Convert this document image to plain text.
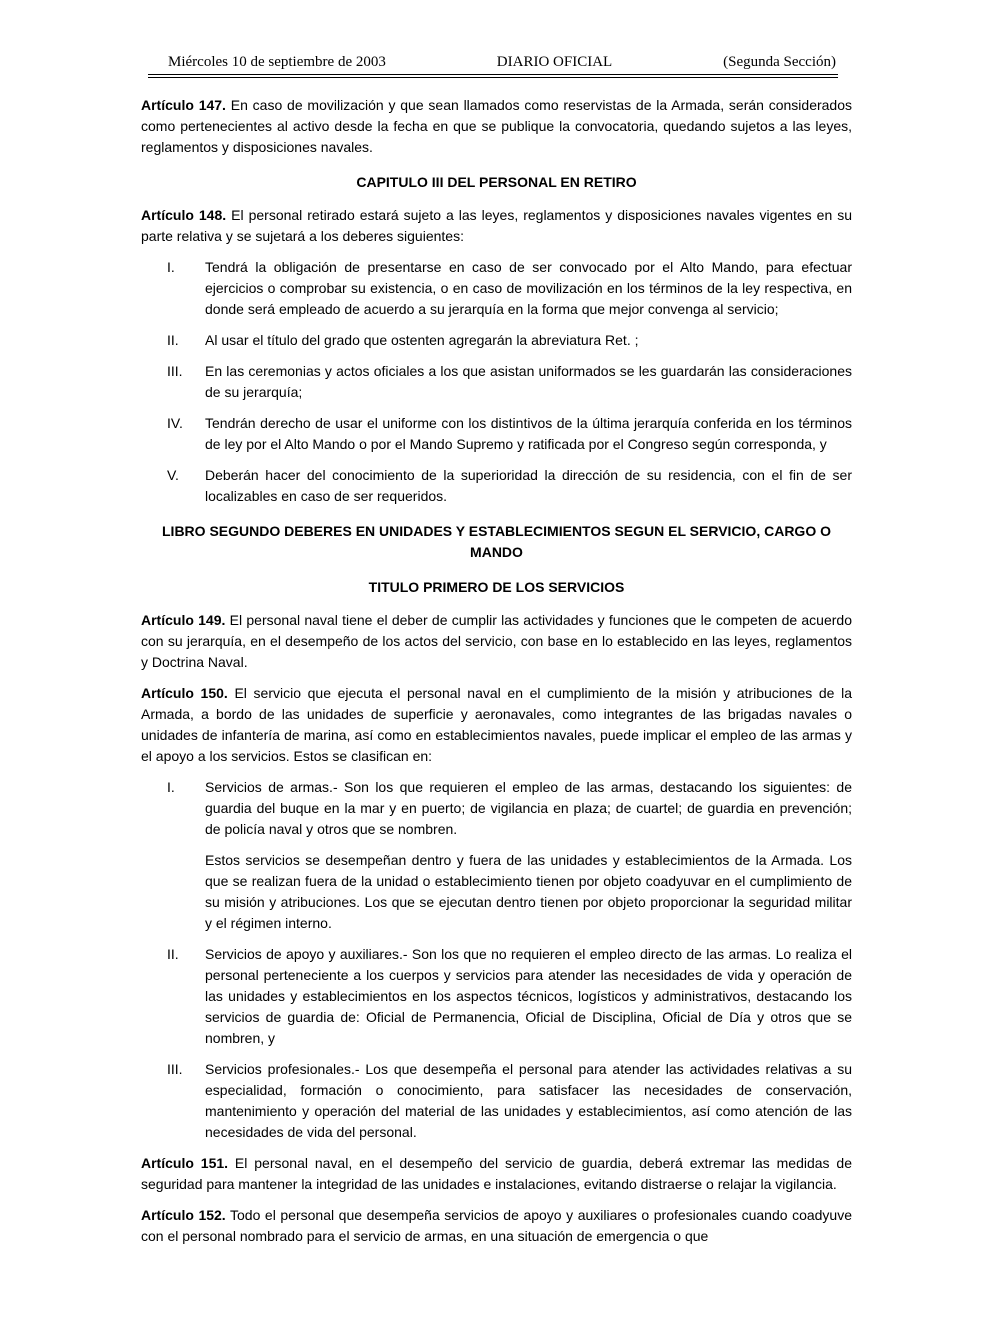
Miércoles 10 de septiembre de 2003	DIARIO OFICIAL	(Segunda Sección)

Artículo 147. En caso de movilización y que sean llamados como reservistas de la Armada, serán considerados como pertenecientes al activo desde la fecha en que se publique la convocatoria, quedando sujetos a las leyes, reglamentos y disposiciones navales.

CAPITULO III DEL PERSONAL EN RETIRO

Artículo 148. El personal retirado estará sujeto a las leyes, reglamentos y disposiciones navales vigentes en su parte relativa y se sujetará a los deberes siguientes:

I.	Tendrá la obligación de presentarse en caso de ser convocado por el Alto Mando, para efectuar ejercicios o comprobar su existencia, o en caso de movilización en los términos de la ley respectiva, en donde será empleado de acuerdo a su jerarquía en la forma que mejor convenga al servicio;
II.	Al usar el título del grado que ostenten agregarán la abreviatura Ret. ;
III.	En las ceremonias y actos oficiales a los que asistan uniformados se les guardarán las consideraciones de su jerarquía;
IV.	Tendrán derecho de usar el uniforme con los distintivos de la última jerarquía conferida en los términos de ley por el Alto Mando o por el Mando Supremo y ratificada por el Congreso según corresponda, y
V.	Deberán hacer del conocimiento de la superioridad la dirección de su residencia, con el fin de ser localizables en caso de ser requeridos.
LIBRO SEGUNDO DEBERES EN UNIDADES Y ESTABLECIMIENTOS SEGUN EL SERVICIO, CARGO O MANDO
TITULO PRIMERO DE LOS SERVICIOS

Artículo 149. El personal naval tiene el deber de cumplir las actividades y funciones que le competen de acuerdo con su jerarquía, en el desempeño de los actos del servicio, con base en lo establecido en las leyes, reglamentos y Doctrina Naval.

Artículo 150. El servicio que ejecuta el personal naval en el cumplimiento de la misión y atribuciones de la Armada, a bordo de las unidades de superficie y aeronavales, como integrantes de las brigadas navales o unidades de infantería de marina, así como en establecimientos navales, puede implicar el empleo de las armas y el apoyo a los servicios. Estos se clasifican en:

I.	Servicios de armas.- Son los que requieren el empleo de las armas, destacando los siguientes: de guardia del buque en la mar y en puerto; de vigilancia en plaza; de cuartel; de guardia en prevención; de policía naval y otros que se nombren.

Estos servicios se desempeñan dentro y fuera de las unidades y establecimientos de la Armada. Los que se realizan fuera de la unidad o establecimiento tienen por objeto coadyuvar en el cumplimiento de su misión y atribuciones. Los que se ejecutan dentro tienen por objeto proporcionar la seguridad militar y el régimen interno.

II.	Servicios de apoyo y auxiliares.- Son los que no requieren el empleo directo de las armas. Lo realiza el personal perteneciente a los cuerpos y servicios para atender las necesidades de vida y operación de las unidades y establecimientos en los aspectos técnicos, logísticos y administrativos, destacando los servicios de guardia de: Oficial de Permanencia, Oficial de Disciplina, Oficial de Día y otros que se nombren, y
III.	Servicios profesionales.- Los que desempeña el personal para atender las actividades relativas a su especialidad, formación o conocimiento, para satisfacer las necesidades de conservación, mantenimiento y operación del material de las unidades y establecimientos, así como atención de las necesidades de vida del personal.

Artículo 151. El personal naval, en el desempeño del servicio de guardia, deberá extremar las medidas de seguridad para mantener la integridad de las unidades e instalaciones, evitando distraerse o relajar la vigilancia.

Artículo 152. Todo el personal que desempeña servicios de apoyo y auxiliares o profesionales cuando coadyuve con el personal nombrado para el servicio de armas, en una situación de emergencia o que
